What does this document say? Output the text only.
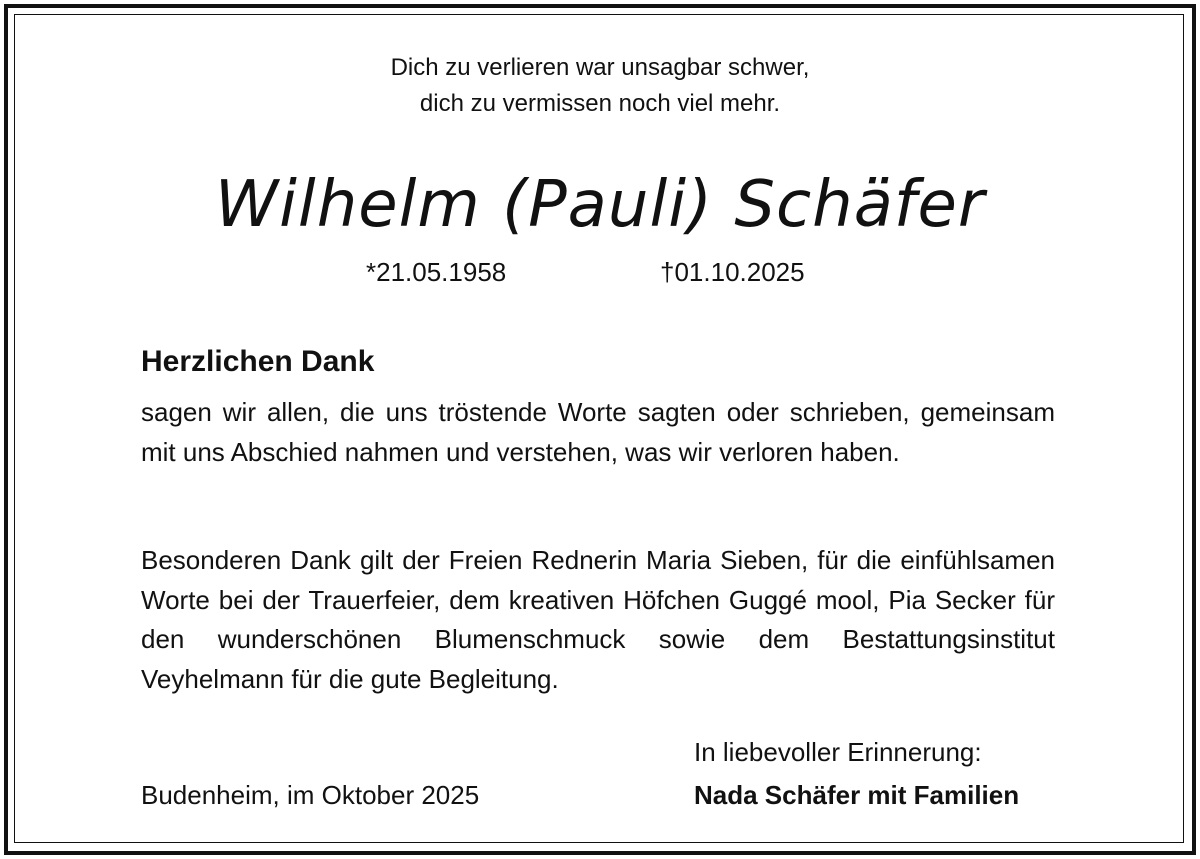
Dich zu verlieren war unsagbar schwer,
dich zu vermissen noch viel mehr.
Wilhelm (Pauli) Schäfer
*21.05.1958	†01.10.2025
Herzlichen Dank
sagen wir allen, die uns tröstende Worte sagten oder schrieben, gemeinsam mit uns Abschied nahmen und verstehen, was wir verloren haben.
Besonderen Dank gilt der Freien Rednerin Maria Sieben, für die einfühlsamen Worte bei der Trauerfeier, dem kreativen Höfchen Guggé mool, Pia Secker für den wunderschönen Blumenschmuck sowie dem Bestattungsinstitut Veyhelmann für die gute Begleitung.
In liebevoller Erinnerung:
Budenheim, im Oktober 2025	Nada Schäfer mit Familien
